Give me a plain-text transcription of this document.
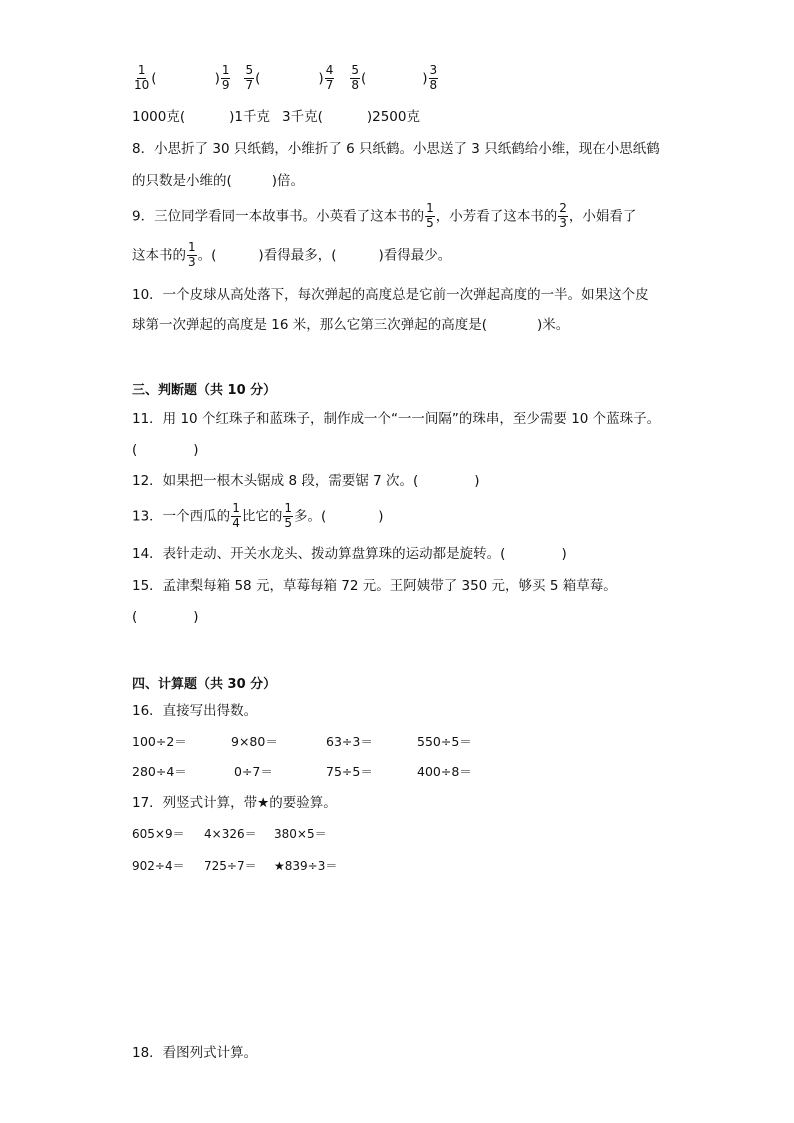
$\frac{1}{10}$ (	) $\frac{1}{9} \frac{5}{7}$ (	) $\frac{4}{7} \frac{5}{8}$ (	) $\frac{3}{8}$
1000克(	)1千克 3千克(	)2500克
8．小思折了 30 只纸鹤，小维折了 6 只纸鹤。小思送了 3 只纸鹤给小维，现在小思纸鹤
的只数是小维的(	)倍。
9．三位同学看同一本故事书。小英看了这本书的 $\frac{1}{5}$ ，小芳看了这本书的 $\frac{2}{3}$ ，小娟看了
这本书的 $\frac{1}{3}$ 。(	)看得最多，(	)看得最少。
10．一个皮球从高处落下，每次弹起的高度总是它前一次弹起高度的一半。如果这个皮
球第一次弹起的高度是 16 米，那么它第三次弹起的高度是(	)米。
三、判断题（共 10 分）
11．用 10 个红珠子和蓝珠子，制作成一个“一一间隔”的珠串，至少需要 10 个蓝珠子。
(	)
12．如果把一根木头锯成 8 段，需要锯 7 次。(	)
13．一个西瓜的 $\frac{1}{4}$ 比它的 $\frac{1}{5}$ 多。(	)
14．表针走动、开关水龙头、拨动算盘算珠的运动都是旋转。(	)
15．孟津梨每箱 58 元，草莓每箱 72 元。王阿姨带了 350 元，够买 5 箱草莓。
(	)
四、计算题（共 30 分）
16．直接写出得数。
100÷2＝	9×80＝	63÷3＝	550÷5＝
280÷4＝	0÷7＝	75÷5＝	400÷8＝
17．列竖式计算，带★的要验算。
605×9＝ 4×326＝ 380×5＝
902÷4＝ 725÷7＝ ★839÷3＝
18．看图列式计算。
